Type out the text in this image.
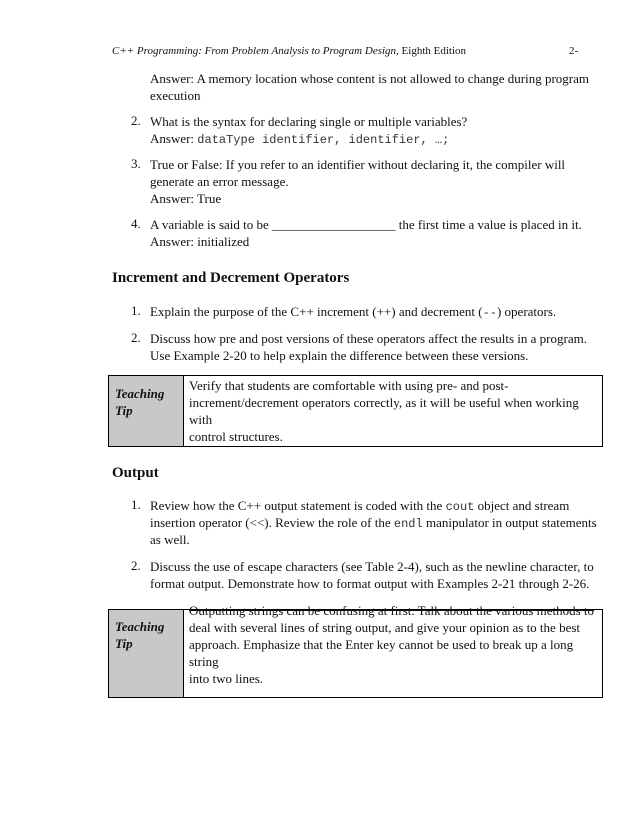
C++ Programming: From Problem Analysis to Program Design, Eighth Edition	2-
Answer: A memory location whose content is not allowed to change during program
execution
2. What is the syntax for declaring single or multiple variables?
Answer: dataType identifier, identifier, …;
3. True or False: If you refer to an identifier without declaring it, the compiler will
generate an error message.
Answer: True
4. A variable is said to be ___________________ the first time a value is placed in it.
Answer: initialized
Increment and Decrement Operators
1. Explain the purpose of the C++ increment (++) and decrement (--) operators.
2. Discuss how pre and post versions of these operators affect the results in a program.
Use Example 2-20 to help explain the difference between these versions.
Teaching
Tip
Verify that students are comfortable with using pre- and post-
increment/decrement operators correctly, as it will be useful when working with
control structures.
Output
1. Review how the C++ output statement is coded with the cout object and stream
insertion operator (<<). Review the role of the endl manipulator in output statements
as well.
2. Discuss the use of escape characters (see Table 2-4), such as the newline character, to
format output. Demonstrate how to format output with Examples 2-21 through 2-26.
Teaching
Tip
Outputting strings can be confusing at first. Talk about the various methods to
deal with several lines of string output, and give your opinion as to the best
approach. Emphasize that the Enter key cannot be used to break up a long string
into two lines.
